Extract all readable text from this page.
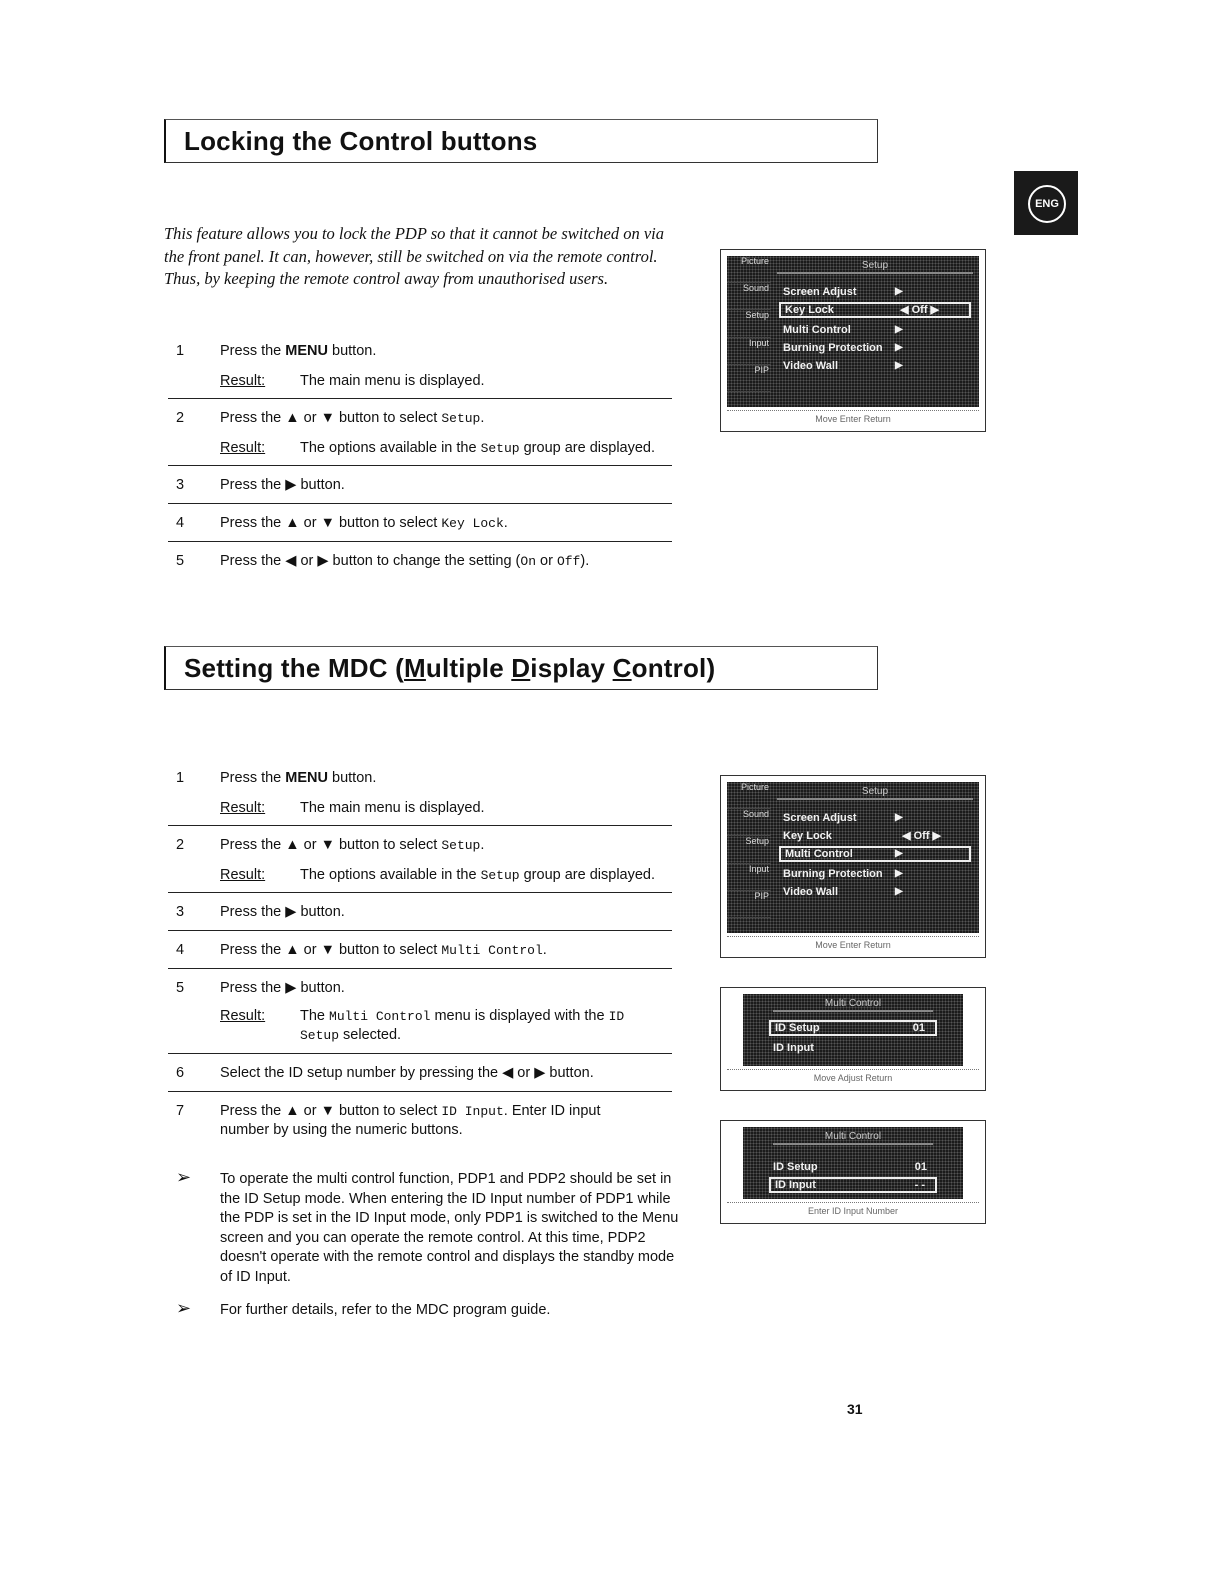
Locking the Control buttons
ENG
This feature allows you to lock the PDP so that it cannot be switched on via the front panel. It can, however, still be switched on via the remote control. Thus, by keeping the remote control away from unauthorised users.
1 Press the MENU button.
Result: The main menu is displayed.
2 Press the ▲ or ▼ button to select Setup.
Result: The options available in the Setup group are displayed.
3 Press the ▶ button.
4 Press the ▲ or ▼ button to select Key Lock.
5 Press the ◀ or ▶ button to change the setting (On or Off).
Picture
Sound
Setup
Input
PIP
Setup
Screen Adjust	▶
Key Lock	◀ Off ▶
Multi Control	▶
Burning Protection ▶
Video Wall	▶
Move Enter Return
Setting the MDC (Multiple Display Control)
1 Press the MENU button.
Result: The main menu is displayed.
2 Press the ▲ or ▼ button to select Setup.
Result: The options available in the Setup group are displayed.
3 Press the ▶ button.
4 Press the ▲ or ▼ button to select Multi Control.
5 Press the ▶ button.
Result: The Multi Control menu is displayed with the ID
Setup selected.
6 Select the ID setup number by pressing the ◀ or ▶ button.
7 Press the ▲ or ▼ button to select ID Input. Enter ID input
number by using the numeric buttons.
➢ To operate the multi control function, PDP1 and PDP2 should be set in the ID Setup mode. When entering the ID Input number of PDP1 while the PDP is set in the ID Input mode, only PDP1 is switched to the Menu screen and you can operate the remote control. At this time, PDP2 doesn't operate with the remote control and displays the standby mode of ID Input.
➢ For further details, refer to the MDC program guide.
Picture
Sound
Setup
Input
PIP
Setup
Screen Adjust	▶
Key Lock	◀ Off ▶
Multi Control	▶
Burning Protection ▶
Video Wall	▶
Move Enter Return
Multi Control
ID Setup	01
ID Input
Move Adjust Return
Multi Control
ID Setup	01
ID Input	- -
Enter ID Input Number
31
